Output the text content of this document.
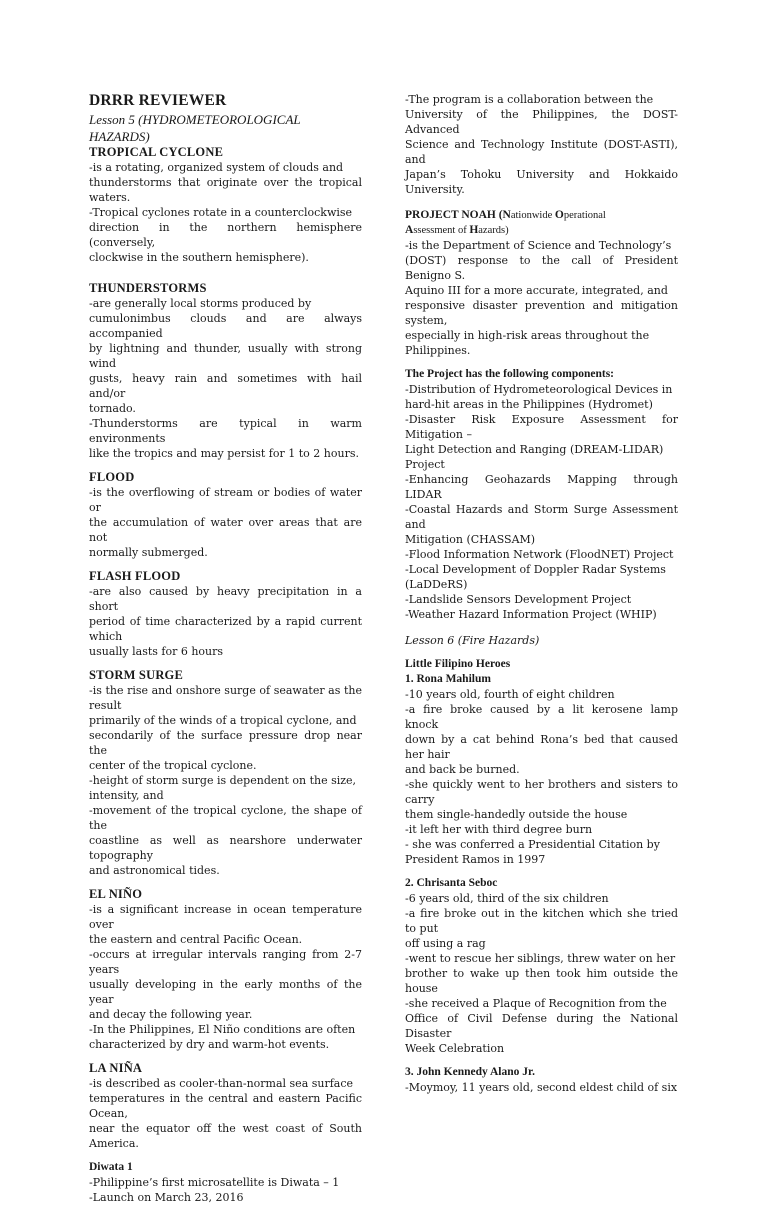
DRRR REVIEWER

Lesson 5 (HYDROMETEOROLOGICAL
HAZARDS)

TROPICAL CYCLONE

-is a rotating, organized system of clouds and

thunderstorms that originate over the tropical waters.

-Tropical cyclones rotate in a counterclockwise

direction in the northern hemisphere (conversely,

clockwise in the southern hemisphere).

THUNDERSTORMS

-are generally local storms produced by

cumulonimbus clouds and are always accompanied

by lightning and thunder, usually with strong wind

gusts, heavy rain and sometimes with hail and/or

tornado.

-Thunderstorms are typical in warm environments

like the tropics and may persist for 1 to 2 hours.

FLOOD

-is the overflowing of stream or bodies of water or

the accumulation of water over areas that are not

normally submerged.

FLASH FLOOD

-are also caused by heavy precipitation in a short

period of time characterized by a rapid current which

usually lasts for 6 hours

STORM SURGE

-is the rise and onshore surge of seawater as the result

primarily of the winds of a tropical cyclone, and

secondarily of the surface pressure drop near the

center of the tropical cyclone.

-height of storm surge is dependent on the size,

intensity, and

-movement of the tropical cyclone, the shape of the

coastline as well as nearshore underwater topography

and astronomical tides.

EL NIÑO

-is a significant increase in ocean temperature over

the eastern and central Pacific Ocean.

-occurs at irregular intervals ranging from 2-7 years

usually developing in the early months of the year

and decay the following year.

-In the Philippines, El Niño conditions are often

characterized by dry and warm-hot events.

LA NIÑA

-is described as cooler-than-normal sea surface

temperatures in the central and eastern Pacific Ocean,

near the equator off the west coast of South America.

Diwata 1

-Philippine’s first microsatellite is Diwata – 1

-Launch on March 23, 2016

-The program is a collaboration between the

University of the Philippines, the DOST-Advanced

Science and Technology Institute (DOST-ASTI), and

Japan’s Tohoku University and Hokkaido University.

PROJECT NOAH (Nationwide Operational
Assessment of Hazards)

-is the Department of Science and Technology’s

(DOST) response to the call of President Benigno S.

Aquino III for a more accurate, integrated, and

responsive disaster prevention and mitigation system,

especially in high-risk areas throughout the

Philippines.

The Project has the following components:

-Distribution of Hydrometeorological Devices in

hard-hit areas in the Philippines (Hydromet)

-Disaster Risk Exposure Assessment for Mitigation –

Light Detection and Ranging (DREAM-LIDAR)

Project

-Enhancing Geohazards Mapping through LIDAR

-Coastal Hazards and Storm Surge Assessment and

Mitigation (CHASSAM)

-Flood Information Network (FloodNET) Project

-Local Development of Doppler Radar Systems

(LaDDeRS)

-Landslide Sensors Development Project

-Weather Hazard Information Project (WHIP)

Lesson 6 (Fire Hazards)

Little Filipino Heroes

1. Rona Mahilum

-10 years old, fourth of eight children

-a fire broke caused by a lit kerosene lamp knock

down by a cat behind Rona’s bed that caused her hair

and back be burned.

-she quickly went to her brothers and sisters to carry

them single-handedly outside the house

-it left her with third degree burn

- she was conferred a Presidential Citation by

President Ramos in 1997

2. Chrisanta Seboc

-6 years old, third of the six children

-a fire broke out in the kitchen which she tried to put

off using a rag

-went to rescue her siblings, threw water on her

brother to wake up then took him outside the house

-she received a Plaque of Recognition from the

Office of Civil Defense during the National Disaster

Week Celebration

3. John Kennedy Alano Jr.

-Moymoy, 11 years old, second eldest child of six
